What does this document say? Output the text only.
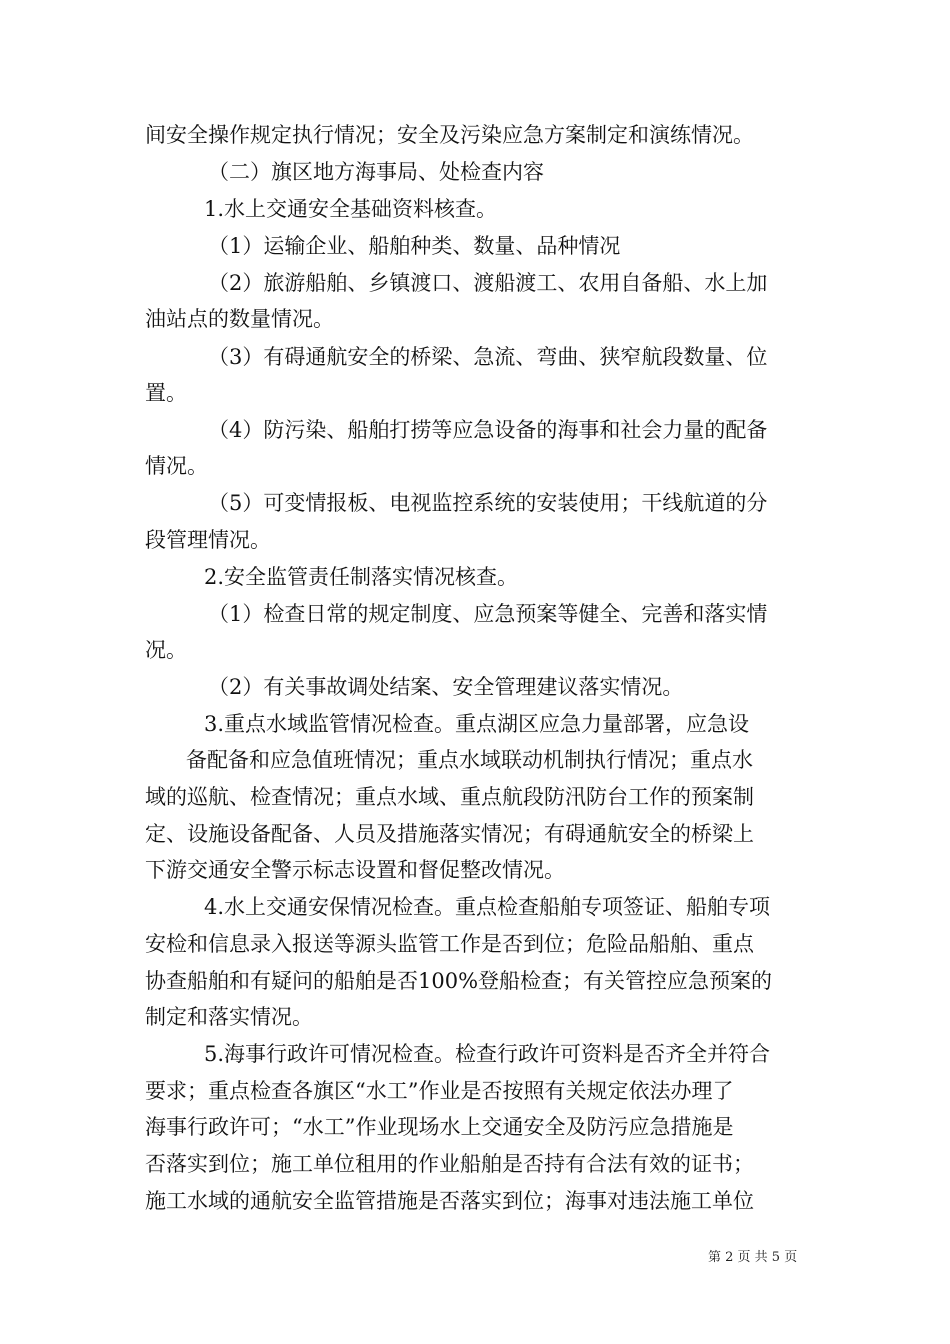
间安全操作规定执行情况；安全及污染应急方案制定和演练情况。
（二）旗区地方海事局、处检查内容
1.水上交通安全基础资料核查。
（1）运输企业、船舶种类、数量、品种情况
（2）旅游船舶、乡镇渡口、渡船渡工、农用自备船、水上加
油站点的数量情况。
（3）有碍通航安全的桥梁、急流、弯曲、狭窄航段数量、位
置。
（4）防污染、船舶打捞等应急设备的海事和社会力量的配备
情况。
（5）可变情报板、电视监控系统的安装使用；干线航道的分
段管理情况。
2.安全监管责任制落实情况核查。
（1）检查日常的规定制度、应急预案等健全、完善和落实情
况。
（2）有关事故调处结案、安全管理建议落实情况。
3.重点水域监管情况检查。重点湖区应急力量部署，应急设
备配备和应急值班情况；重点水域联动机制执行情况；重点水
域的巡航、检查情况；重点水域、重点航段防汛防台工作的预案制
定、设施设备配备、人员及措施落实情况；有碍通航安全的桥梁上
下游交通安全警示标志设置和督促整改情况。
4.水上交通安保情况检查。重点检查船舶专项签证、船舶专项
安检和信息录入报送等源头监管工作是否到位；危险品船舶、重点
协查船舶和有疑问的船舶是否100%登船检查；有关管控应急预案的
制定和落实情况。
5.海事行政许可情况检查。检查行政许可资料是否齐全并符合
要求；重点检查各旗区“水工”作业是否按照有关规定依法办理了
海事行政许可；“水工”作业现场水上交通安全及防污应急措施是
否落实到位；施工单位租用的作业船舶是否持有合法有效的证书；
施工水域的通航安全监管措施是否落实到位；海事对违法施工单位
第 2 页 共 5 页
